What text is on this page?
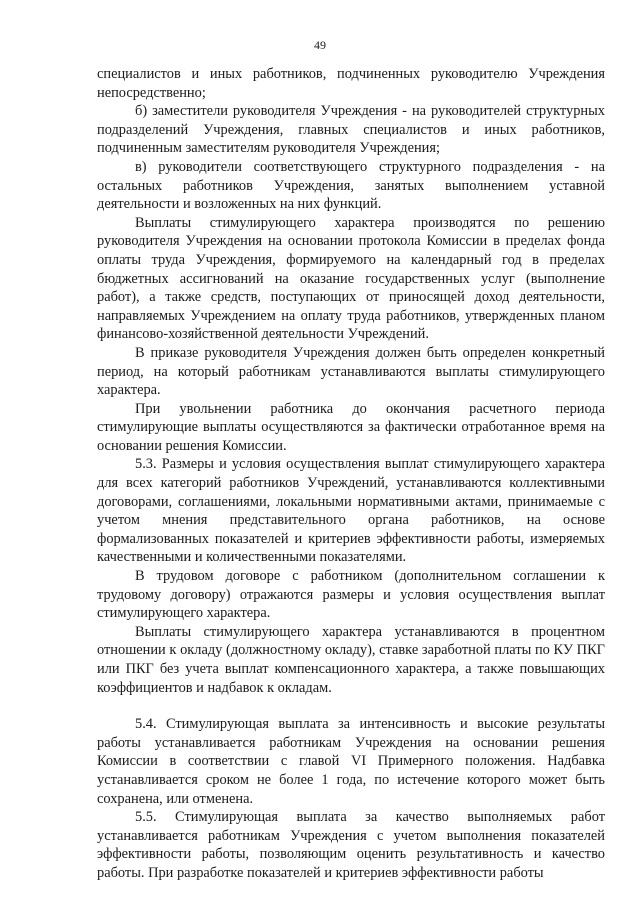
49

специалистов и иных работников, подчиненных руководителю Учреждения непосредственно;

б) заместители руководителя Учреждения - на руководителей структурных подразделений Учреждения, главных специалистов и иных работников, подчиненным заместителям руководителя Учреждения;

в) руководители соответствующего структурного подразделения - на остальных работников Учреждения, занятых выполнением уставной деятельности и возложенных на них функций.

Выплаты стимулирующего характера производятся по решению руководителя Учреждения на основании протокола Комиссии в пределах фонда оплаты труда Учреждения, формируемого на календарный год в пределах бюджетных ассигнований на оказание государственных услуг (выполнение работ), а также средств, поступающих от приносящей доход деятельности, направляемых Учреждением на оплату труда работников, утвержденных планом финансово-хозяйственной деятельности Учреждений.

В приказе руководителя Учреждения должен быть определен конкретный период, на который работникам устанавливаются выплаты стимулирующего характера.

При увольнении работника до окончания расчетного периода стимулирующие выплаты осуществляются за фактически отработанное время на основании решения Комиссии.

5.3. Размеры и условия осуществления выплат стимулирующего характера для всех категорий работников Учреждений, устанавливаются коллективными договорами, соглашениями, локальными нормативными актами, принимаемые с учетом мнения представительного органа работников, на основе формализованных показателей и критериев эффективности работы, измеряемых качественными и количественными показателями.

В трудовом договоре с работником (дополнительном соглашении к трудовому договору) отражаются размеры и условия осуществления выплат стимулирующего характера.

Выплаты стимулирующего характера устанавливаются в процентном отношении к окладу (должностному окладу), ставке заработной платы по КУ ПКГ или ПКГ без учета выплат компенсационного характера, а также повышающих коэффициентов и надбавок к окладам.

5.4. Стимулирующая выплата за интенсивность и высокие результаты работы устанавливается работникам Учреждения на основании решения Комиссии в соответствии с главой VI Примерного положения. Надбавка устанавливается сроком не более 1 года, по истечение которого может быть сохранена, или отменена.

5.5. Стимулирующая выплата за качество выполняемых работ устанавливается работникам Учреждения с учетом выполнения показателей эффективности работы, позволяющим оценить результативность и качество работы. При разработке показателей и критериев эффективности работы
